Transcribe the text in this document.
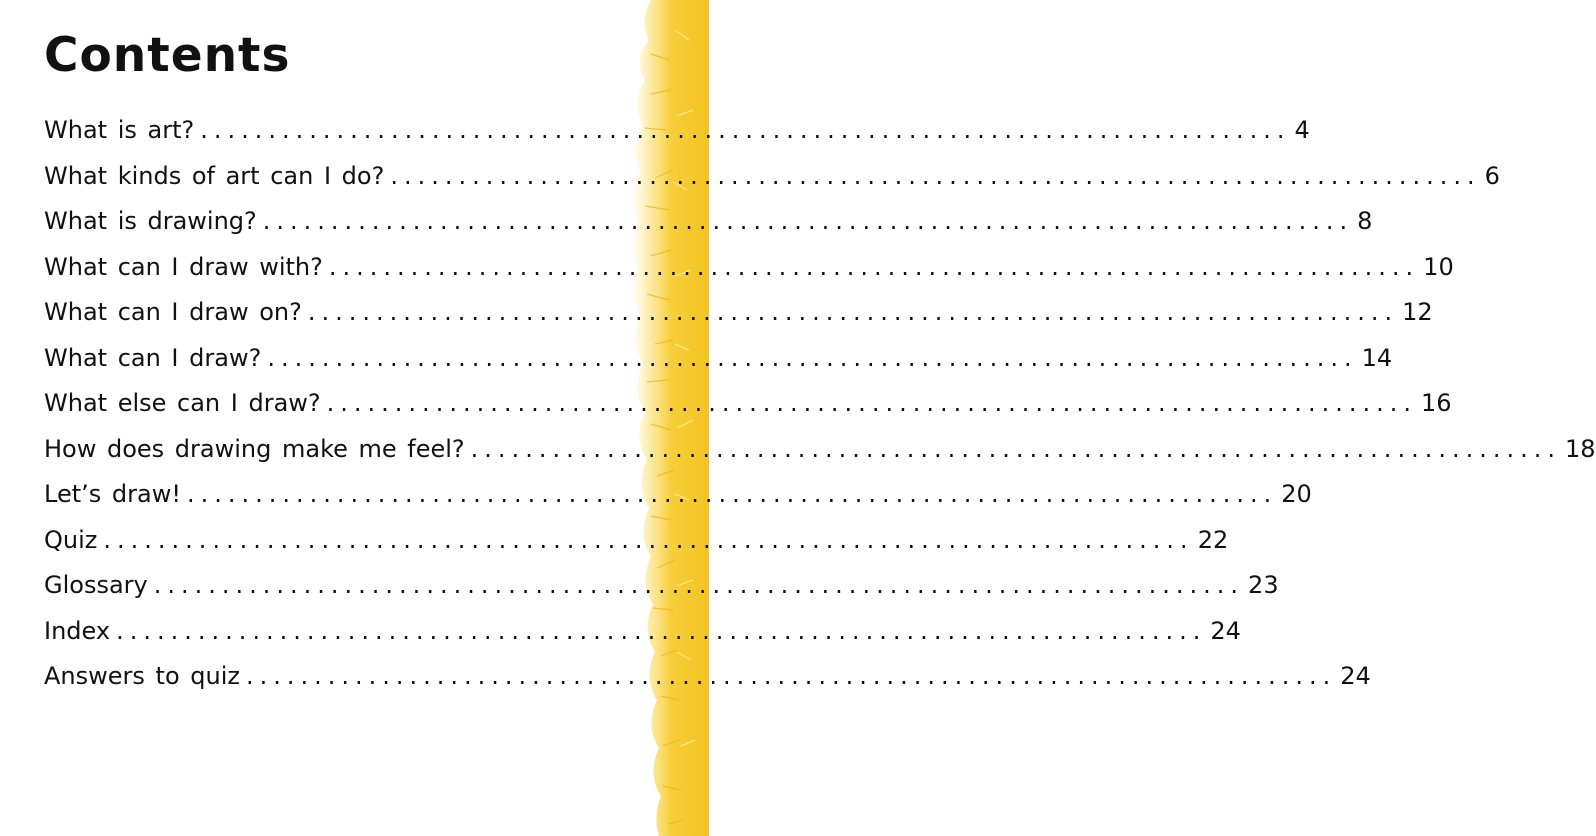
Contents
What is art? ................................................................................ 4
What kinds of art can I do? ................................................................................ 6
What is drawing? ................................................................................ 8
What can I draw with? ................................................................................ 10
What can I draw on? ................................................................................ 12
What can I draw? ................................................................................ 14
What else can I draw? ................................................................................ 16
How does drawing make me feel? ................................................................................ 18
Let’s draw! ................................................................................ 20
Quiz ................................................................................ 22
Glossary ................................................................................ 23
Index ................................................................................ 24
Answers to quiz ................................................................................ 24
